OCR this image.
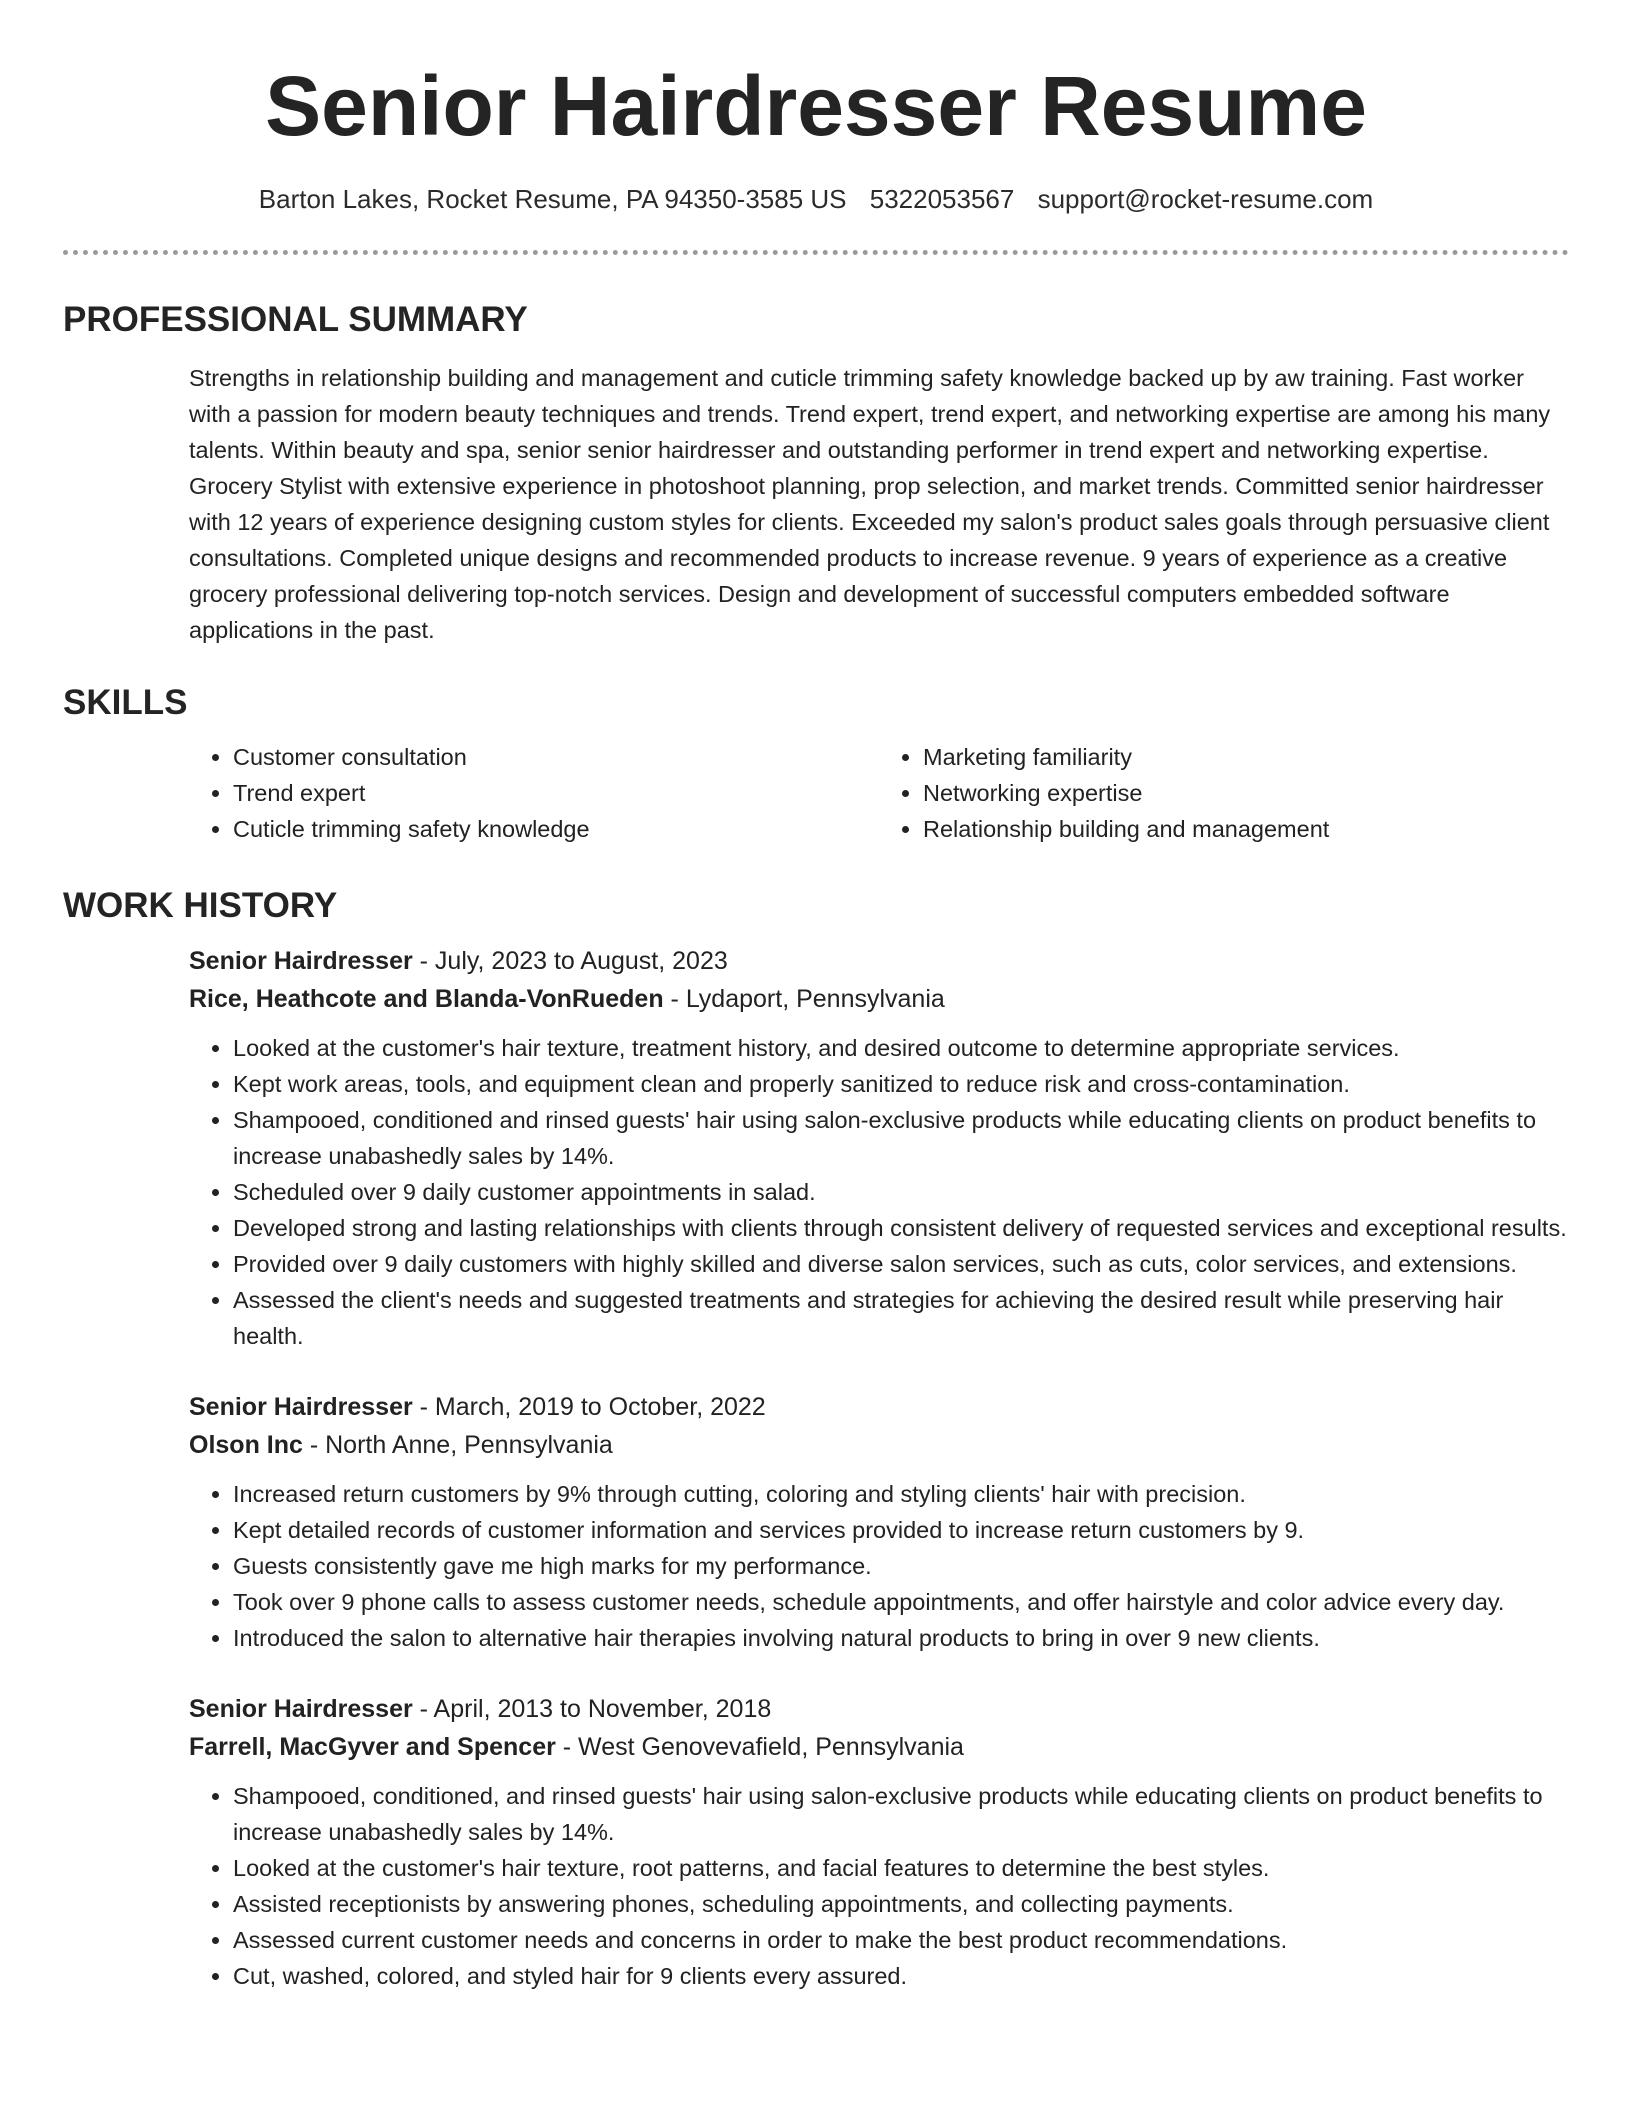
Senior Hairdresser Resume
Barton Lakes, Rocket Resume, PA 94350-3585 US 5322053567 support@rocket-resume.com
PROFESSIONAL SUMMARY
Strengths in relationship building and management and cuticle trimming safety knowledge backed up by aw training. Fast worker with a passion for modern beauty techniques and trends. Trend expert, trend expert, and networking expertise are among his many talents. Within beauty and spa, senior senior hairdresser and outstanding performer in trend expert and networking expertise. Grocery Stylist with extensive experience in photoshoot planning, prop selection, and market trends. Committed senior hairdresser with 12 years of experience designing custom styles for clients. Exceeded my salon's product sales goals through persuasive client consultations. Completed unique designs and recommended products to increase revenue. 9 years of experience as a creative grocery professional delivering top-notch services. Design and development of successful computers embedded software applications in the past.
SKILLS
• Customer consultation
• Trend expert
• Cuticle trimming safety knowledge
• Marketing familiarity
• Networking expertise
• Relationship building and management
WORK HISTORY
Senior Hairdresser - July, 2023 to August, 2023
Rice, Heathcote and Blanda-VonRueden - Lydaport, Pennsylvania
• Looked at the customer's hair texture, treatment history, and desired outcome to determine appropriate services.
• Kept work areas, tools, and equipment clean and properly sanitized to reduce risk and cross-contamination.
• Shampooed, conditioned and rinsed guests' hair using salon-exclusive products while educating clients on product benefits to increase unabashedly sales by 14%.
• Scheduled over 9 daily customer appointments in salad.
• Developed strong and lasting relationships with clients through consistent delivery of requested services and exceptional results.
• Provided over 9 daily customers with highly skilled and diverse salon services, such as cuts, color services, and extensions.
• Assessed the client's needs and suggested treatments and strategies for achieving the desired result while preserving hair health.
Senior Hairdresser - March, 2019 to October, 2022
Olson Inc - North Anne, Pennsylvania
• Increased return customers by 9% through cutting, coloring and styling clients' hair with precision.
• Kept detailed records of customer information and services provided to increase return customers by 9.
• Guests consistently gave me high marks for my performance.
• Took over 9 phone calls to assess customer needs, schedule appointments, and offer hairstyle and color advice every day.
• Introduced the salon to alternative hair therapies involving natural products to bring in over 9 new clients.
Senior Hairdresser - April, 2013 to November, 2018
Farrell, MacGyver and Spencer - West Genovevafield, Pennsylvania
• Shampooed, conditioned, and rinsed guests' hair using salon-exclusive products while educating clients on product benefits to increase unabashedly sales by 14%.
• Looked at the customer's hair texture, root patterns, and facial features to determine the best styles.
• Assisted receptionists by answering phones, scheduling appointments, and collecting payments.
• Assessed current customer needs and concerns in order to make the best product recommendations.
• Cut, washed, colored, and styled hair for 9 clients every assured.
